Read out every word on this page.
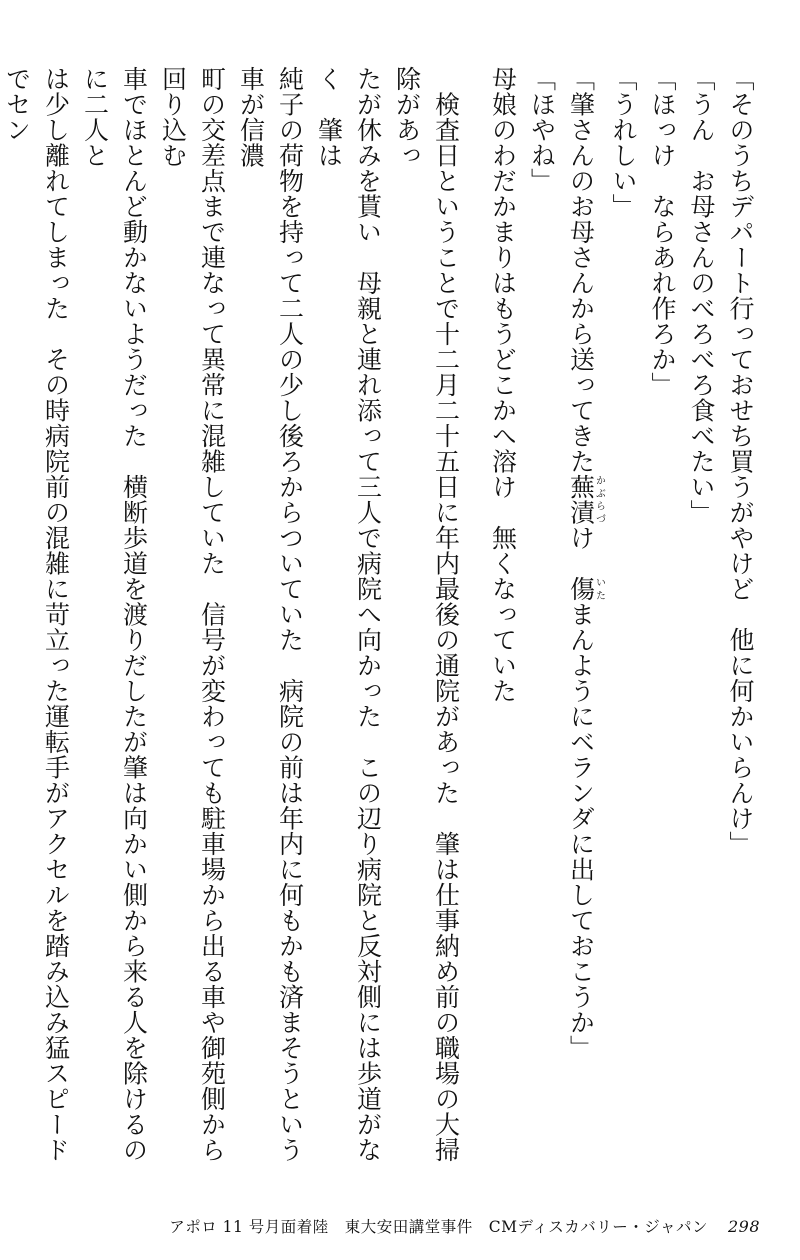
「そのうちデパート行っておせち買うがやけど　他に何かいらんけ」

「うん　お母さんのべろべろ食べたい」

「ほっけ　ならあれ作ろか」

「うれしい」

「肇さんのお母さんから送ってきた蕪漬かぶらづけ　傷いたまんようにベランダに出しておこうか」

「ほやね」

母娘のわだかまりはもうどこかへ溶け　無くなっていた

　検査日ということで十二月二十五日に年内最後の通院があった　肇は仕事納め前の職場の大掃除があっ

たが休みを貰い　母親と連れ添って三人で病院へ向かった　この辺り病院と反対側には歩道がなく　肇は

純子の荷物を持って二人の少し後ろからついていた　病院の前は年内に何もかも済まそうという車が信濃

町の交差点まで連なって異常に混雑していた　信号が変わっても駐車場から出る車や御苑側から回り込む

車でほとんど動かないようだった　横断歩道を渡りだしたが肇は向かい側から来る人を除けるのに二人と

は少し離れてしまった　その時病院前の混雑に苛立った運転手がアクセルを踏み込み猛スピードでセン

アポロ 11 号月面着陸　東大安田講堂事件　CMディスカバリー・ジャパン 298
